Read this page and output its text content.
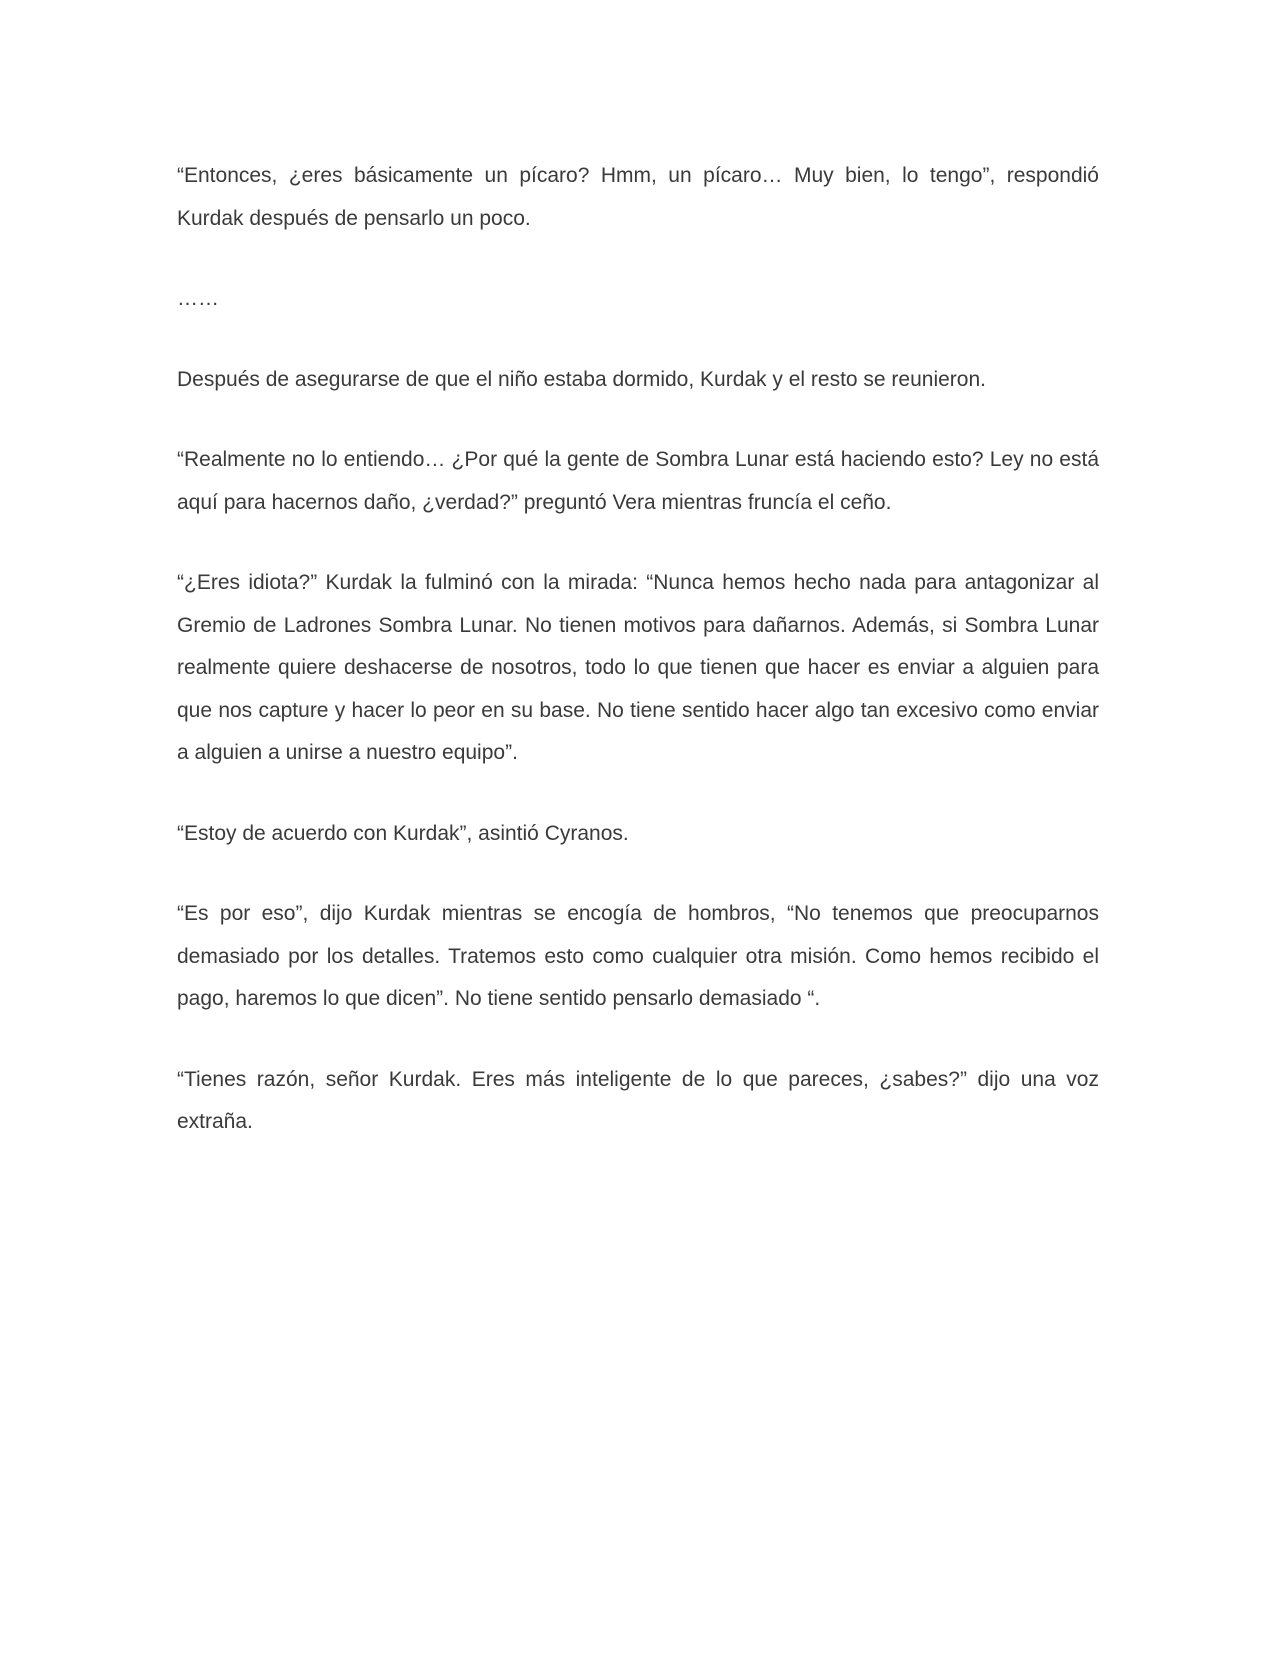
“Entonces, ¿eres básicamente un pícaro? Hmm, un pícaro… Muy bien, lo tengo”, respondió Kurdak después de pensarlo un poco.

……

Después de asegurarse de que el niño estaba dormido, Kurdak y el resto se reunieron.

“Realmente no lo entiendo… ¿Por qué la gente de Sombra Lunar está haciendo esto? Ley no está aquí para hacernos daño, ¿verdad?” preguntó Vera mientras fruncía el ceño.

“¿Eres idiota?” Kurdak la fulminó con la mirada: “Nunca hemos hecho nada para antagonizar al Gremio de Ladrones Sombra Lunar. No tienen motivos para dañarnos. Además, si Sombra Lunar realmente quiere deshacerse de nosotros, todo lo que tienen que hacer es enviar a alguien para que nos capture y hacer lo peor en su base. No tiene sentido hacer algo tan excesivo como enviar a alguien a unirse a nuestro equipo”.

“Estoy de acuerdo con Kurdak”, asintió Cyranos.

“Es por eso”, dijo Kurdak mientras se encogía de hombros, “No tenemos que preocuparnos demasiado por los detalles. Tratemos esto como cualquier otra misión. Como hemos recibido el pago, haremos lo que dicen”. No tiene sentido pensarlo demasiado “.

“Tienes razón, señor Kurdak. Eres más inteligente de lo que pareces, ¿sabes?” dijo una voz extraña.
